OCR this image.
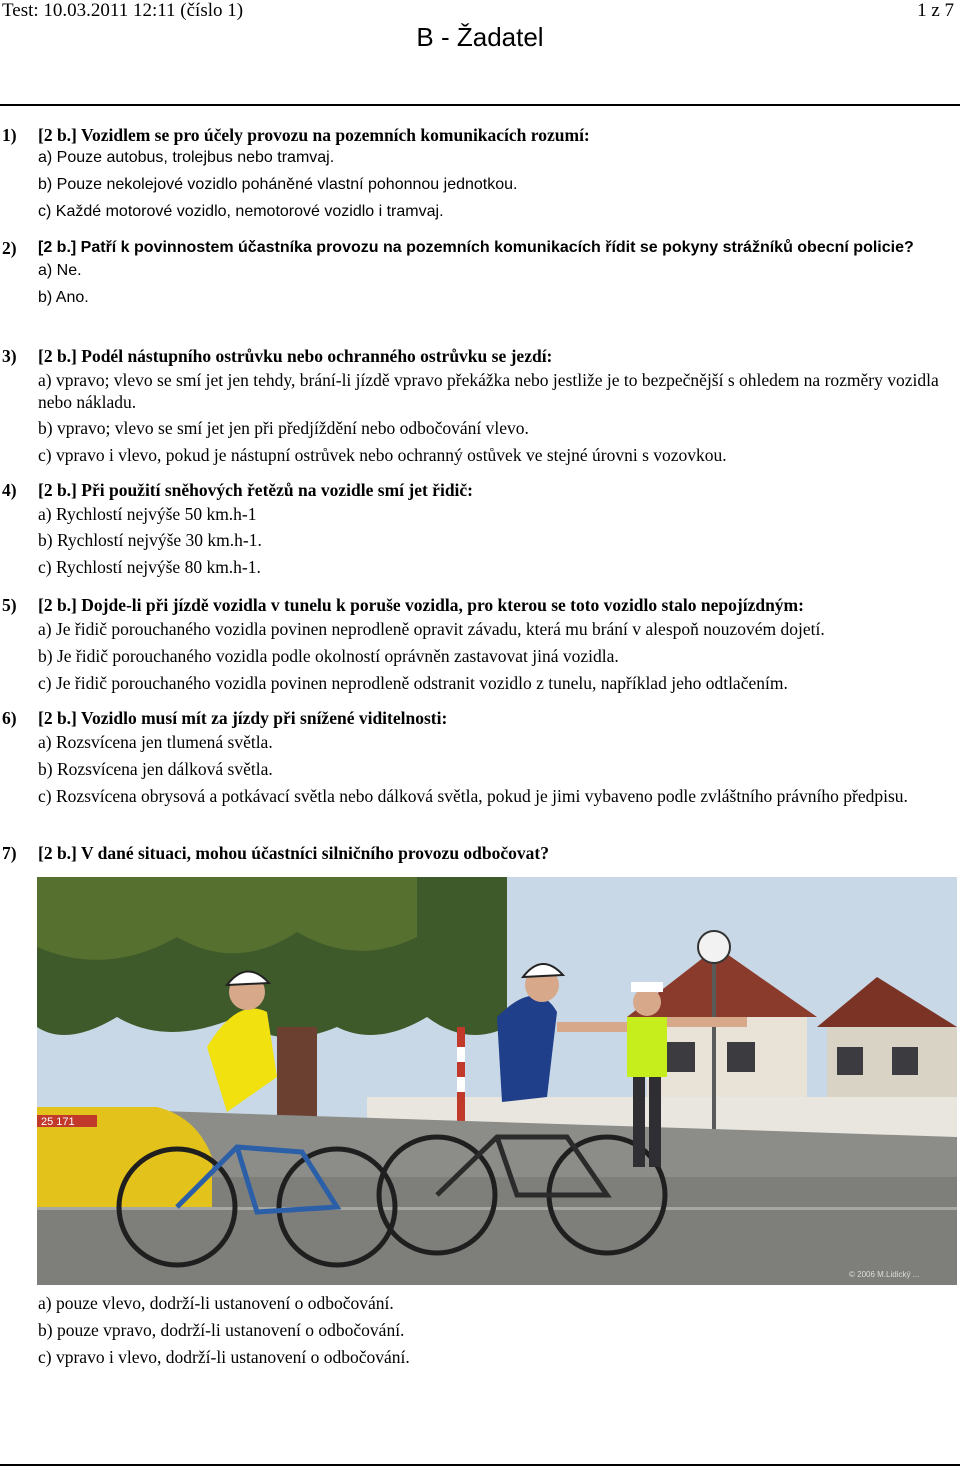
Test: 10.03.2011 12:11 (číslo 1)	1 z 7
B - Žadatel
1) [2 b.] Vozidlem se pro účely provozu na pozemních komunikacích rozumí:
a) Pouze autobus, trolejbus nebo tramvaj.
b) Pouze nekolejové vozidlo poháněné vlastní pohonnou jednotkou.
c) Každé motorové vozidlo, nemotorové vozidlo i tramvaj.
2) [2 b.] Patří k povinnostem účastníka provozu na pozemních komunikacích řídit se pokyny strážníků obecní policie?
a) Ne.
b) Ano.
3) [2 b.] Podél nástupního ostrůvku nebo ochranného ostrůvku se jezdí:
a) vpravo; vlevo se smí jet jen tehdy, brání-li jízdě vpravo překážka nebo jestliže je to bezpečnější s ohledem na rozměry vozidla nebo nákladu.
b) vpravo; vlevo se smí jet jen při předjíždění nebo odbočování vlevo.
c) vpravo i vlevo, pokud je nástupní ostrůvek nebo ochranný ostůvek ve stejné úrovni s vozovkou.
4) [2 b.] Při použití sněhových řetězů na vozidle smí jet řidič:
a) Rychlostí nejvýše 50 km.h-1
b) Rychlostí nejvýše 30 km.h-1.
c) Rychlostí nejvýše 80 km.h-1.
5) [2 b.] Dojde-li při jízdě vozidla v tunelu k poruše vozidla, pro kterou se toto vozidlo stalo nepojízdným:
a) Je řidič porouchaného vozidla povinen neprodleně opravit závadu, která mu brání v alespoň nouzovém dojetí.
b) Je řidič porouchaného vozidla podle okolností oprávněn zastavovat jiná vozidla.
c) Je řidič porouchaného vozidla povinen neprodleně odstranit vozidlo z tunelu, například jeho odtlačením.
6) [2 b.] Vozidlo musí mít za jízdy při snížené viditelnosti:
a) Rozsvícena jen tlumená světla.
b) Rozsvícena jen dálková světla.
c) Rozsvícena obrysová a potkávací světla nebo dálková světla, pokud je jimi vybaveno podle zvláštního právního předpisu.
7) [2 b.] V dané situaci, mohou účastníci silničního provozu odbočovat?
25 171
© 2006 M.Lidický ...
a) pouze vlevo, dodrží-li ustanovení o odbočování.
b) pouze vpravo, dodrží-li ustanovení o odbočování.
c) vpravo i vlevo, dodrží-li ustanovení o odbočování.
